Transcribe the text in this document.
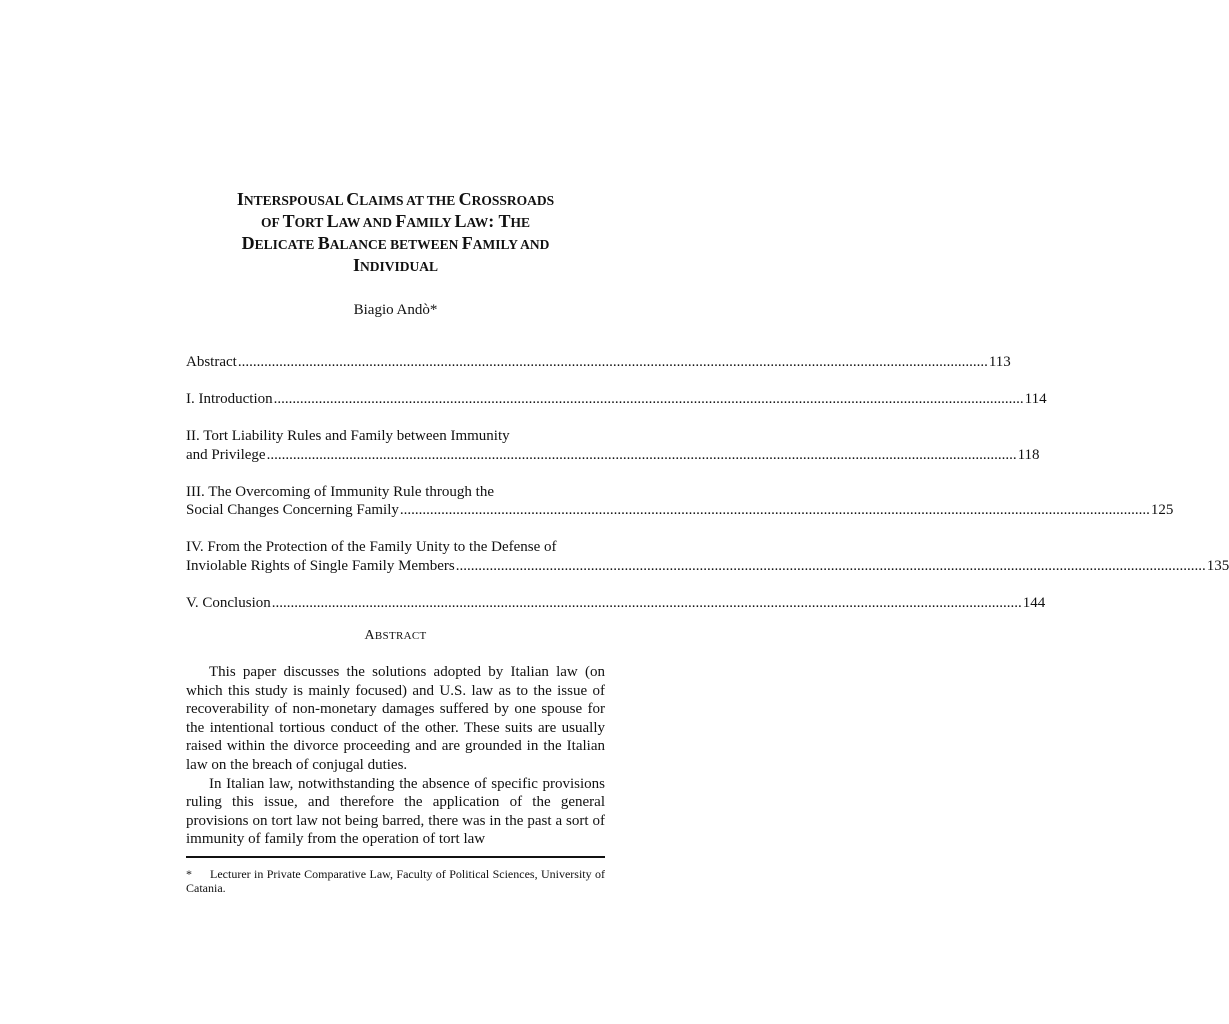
INTERSPOUSAL CLAIMS AT THE CROSSROADS
OF TORT LAW AND FAMILY LAW: THE
DELICATE BALANCE BETWEEN FAMILY AND
INDIVIDUAL
Biagio Andò*
Abstract ........................................................................................................................................................................................................ 113
I. Introduction ........................................................................................................................................................................................................ 114
II. Tort Liability Rules and Family between Immunity
and Privilege ........................................................................................................................................................................................................ 118
III. The Overcoming of Immunity Rule through the
Social Changes Concerning Family ........................................................................................................................................................................................................ 125
IV. From the Protection of the Family Unity to the Defense of
Inviolable Rights of Single Family Members ........................................................................................................................................................................................................ 135
V. Conclusion ........................................................................................................................................................................................................ 144
ABSTRACT

This paper discusses the solutions adopted by Italian law (on which this study is mainly focused) and U.S. law as to the issue of recoverability of non-monetary damages suffered by one spouse for the intentional tortious conduct of the other. These suits are usually raised within the divorce proceeding and are grounded in the Italian law on the breach of conjugal duties.

In Italian law, notwithstanding the absence of specific provisions ruling this issue, and therefore the application of the general provisions on tort law not being barred, there was in the past a sort of immunity of family from the operation of tort law

* Lecturer in Private Comparative Law, Faculty of Political Sciences, University of Catania.
